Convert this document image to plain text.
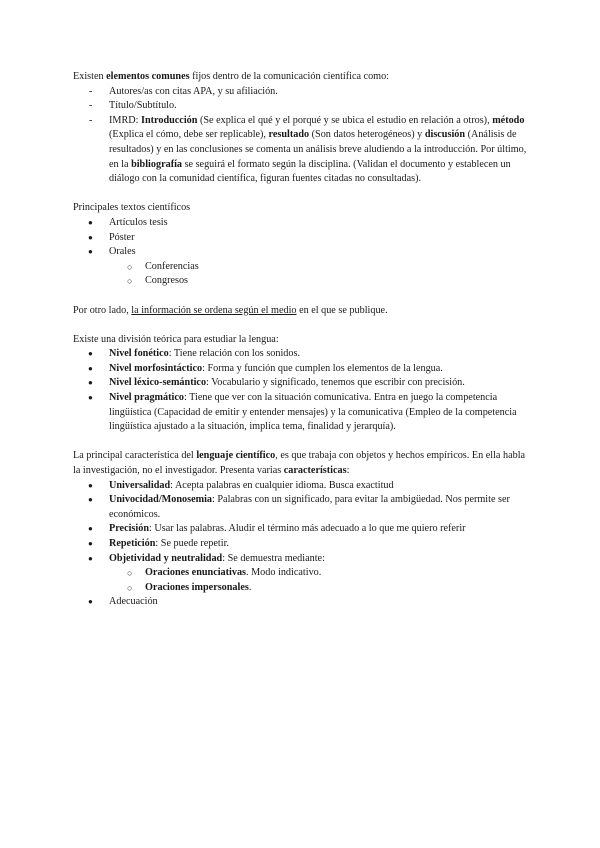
Existen elementos comunes fijos dentro de la comunicación científica como:

- Autores/as con citas APA, y su afiliación.
- Título/Subtítulo.
- IMRD: Introducción (Se explica el qué y el porqué y se ubica el estudio en relación a otros), método (Explica el cómo, debe ser replicable), resultado (Son datos heterogéneos) y discusión (Análisis de resultados) y en las conclusiones se comenta un análisis breve aludiendo a la introducción. Por último, en la bibliografía se seguirá el formato según la disciplina. (Validan el documento y establecen un diálogo con la comunidad científica, figuran fuentes citadas no consultadas).

Principales textos científicos

● Artículos tesis
● Póster
● Orales
○ Conferencias
○ Congresos

Por otro lado, la información se ordena según el medio en el que se publique.

Existe una división teórica para estudiar la lengua:

● Nivel fonético: Tiene relación con los sonidos.
● Nivel morfosintáctico: Forma y función que cumplen los elementos de la lengua.
● Nivel léxico-semántico: Vocabulario y significado, tenemos que escribir con precisión.
● Nivel pragmático: Tiene que ver con la situación comunicativa. Entra en juego la competencia lingüística (Capacidad de emitir y entender mensajes) y la comunicativa (Empleo de la competencia lingüística ajustado a la situación, implica tema, finalidad y jerarquía).

La principal característica del lenguaje científico, es que trabaja con objetos y hechos empíricos. En ella habla la investigación, no el investigador. Presenta varias características:

● Universalidad: Acepta palabras en cualquier idioma. Busca exactitud
● Univocidad/Monosemia: Palabras con un significado, para evitar la ambigüedad. Nos permite ser económicos.
● Precisión: Usar las palabras. Aludir el término más adecuado a lo que me quiero referir
● Repetición: Se puede repetir.
● Objetividad y neutralidad: Se demuestra mediante:
○ Oraciones enunciativas. Modo indicativo.
○ Oraciones impersonales.
● Adecuación
